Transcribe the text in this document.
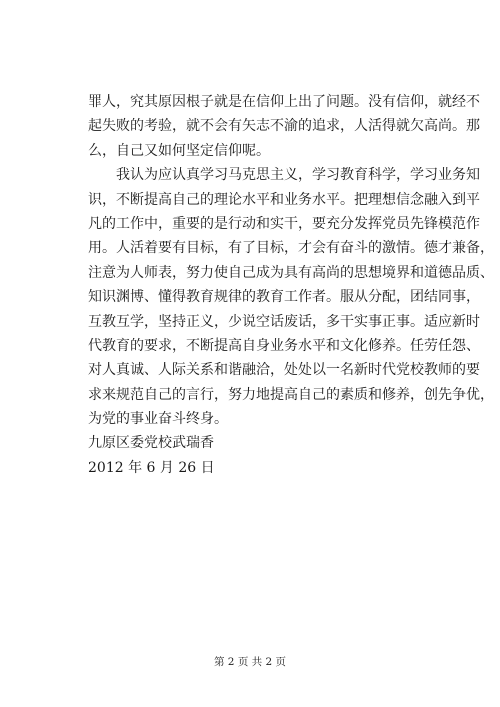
罪人，究其原因根子就是在信仰上出了问题。没有信仰，就经不
起失败的考验，就不会有矢志不渝的追求，人活得就欠高尚。那
么，自己又如何坚定信仰呢。
我认为应认真学习马克思主义，学习教育科学，学习业务知
识，不断提高自己的理论水平和业务水平。把理想信念融入到平
凡的工作中，重要的是行动和实干，要充分发挥党员先锋模范作
用。人活着要有目标，有了目标，才会有奋斗的激情。德才兼备，
注意为人师表，努力使自己成为具有高尚的思想境界和道德品质、
知识渊博、懂得教育规律的教育工作者。服从分配，团结同事，
互教互学，坚持正义，少说空话废话，多干实事正事。适应新时
代教育的要求，不断提高自身业务水平和文化修养。任劳任怨、
对人真诚、人际关系和谐融洽，处处以一名新时代党校教师的要
求来规范自己的言行，努力地提高自己的素质和修养，创先争优，
为党的事业奋斗终身。
九原区委党校武瑞香
2012 年 6 月 26 日
第 2 页 共 2 页
